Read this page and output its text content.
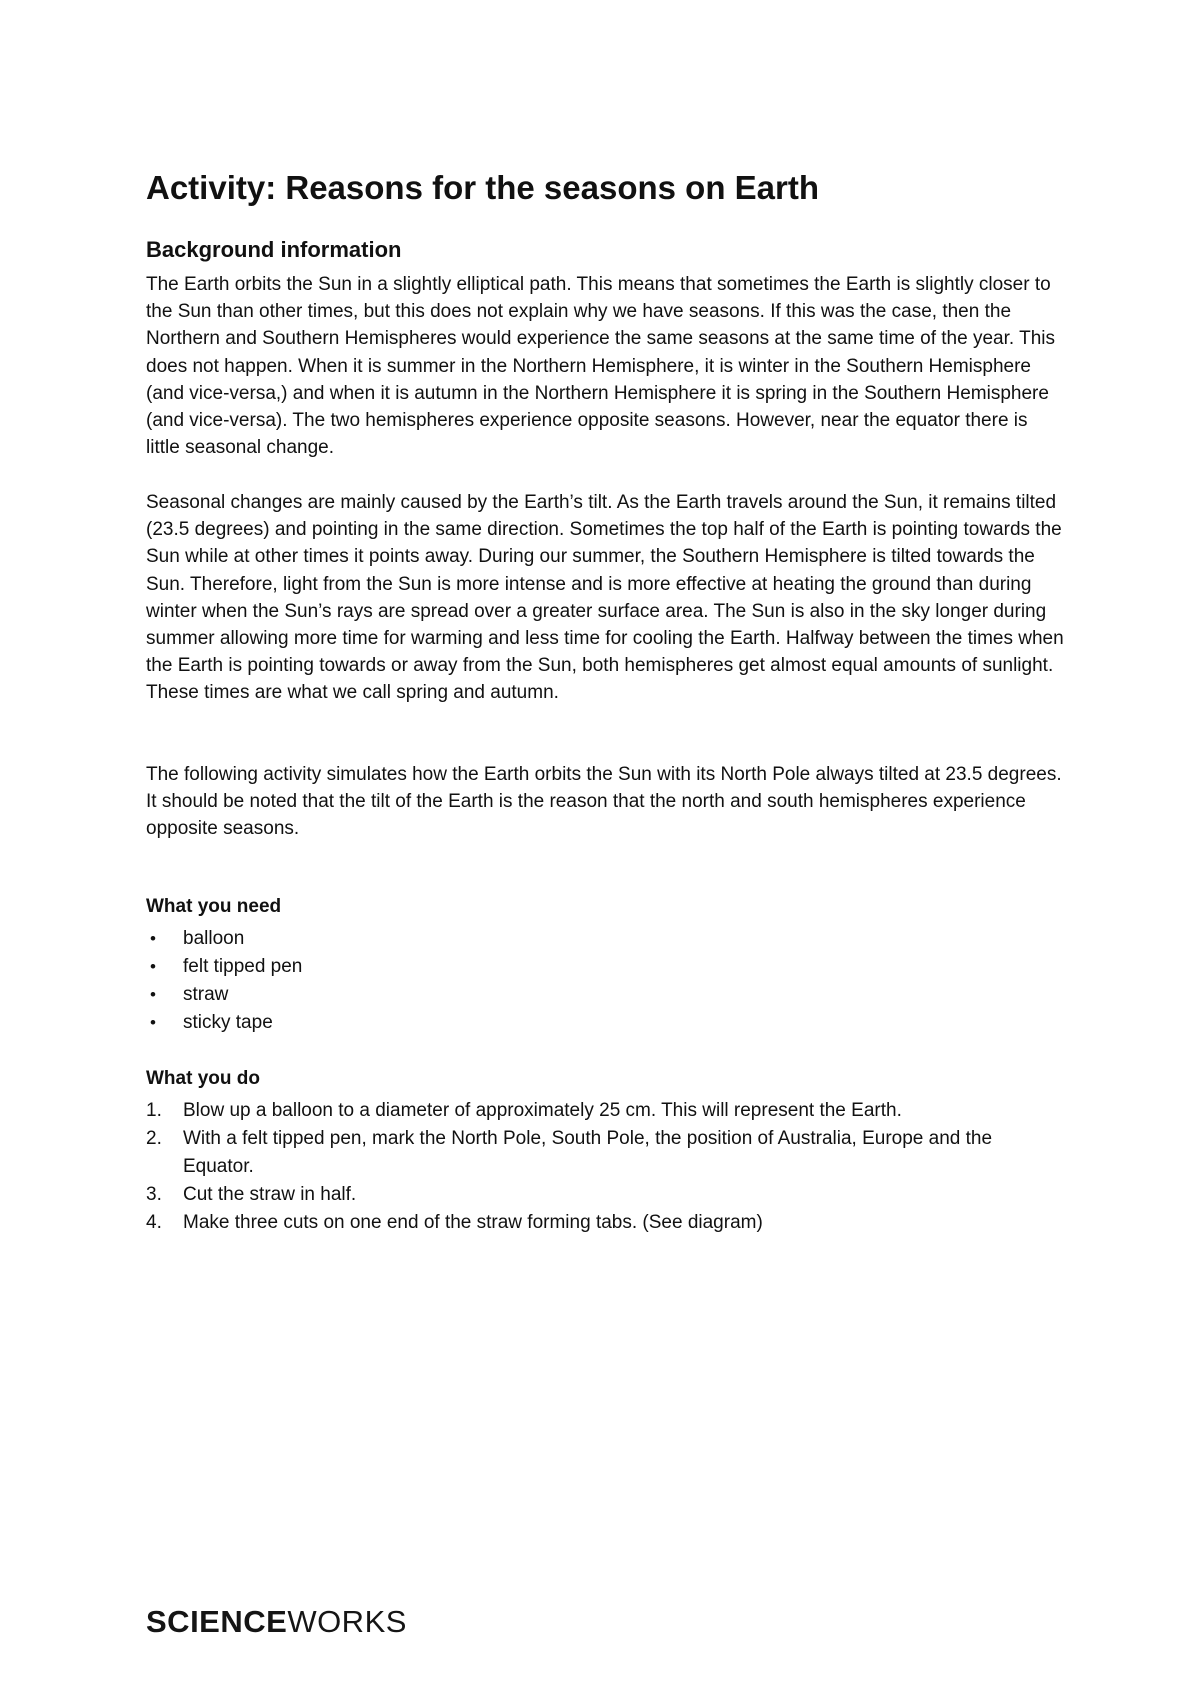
Activity: Reasons for the seasons on Earth
Background information

The Earth orbits the Sun in a slightly elliptical path. This means that sometimes the Earth is slightly closer to the Sun than other times, but this does not explain why we have seasons. If this was the case, then the Northern and Southern Hemispheres would experience the same seasons at the same time of the year. This does not happen. When it is summer in the Northern Hemisphere, it is winter in the Southern Hemisphere (and vice-versa,) and when it is autumn in the Northern Hemisphere it is spring in the Southern Hemisphere (and vice-versa). The two hemispheres experience opposite seasons. However, near the equator there is little seasonal change.

Seasonal changes are mainly caused by the Earth’s tilt. As the Earth travels around the Sun, it remains tilted (23.5 degrees) and pointing in the same direction. Sometimes the top half of the Earth is pointing towards the Sun while at other times it points away. During our summer, the Southern Hemisphere is tilted towards the Sun. Therefore, light from the Sun is more intense and is more effective at heating the ground than during winter when the Sun’s rays are spread over a greater surface area. The Sun is also in the sky longer during summer allowing more time for warming and less time for cooling the Earth. Halfway between the times when the Earth is pointing towards or away from the Sun, both hemispheres get almost equal amounts of sunlight. These times are what we call spring and autumn.

The following activity simulates how the Earth orbits the Sun with its North Pole always tilted at 23.5 degrees. It should be noted that the tilt of the Earth is the reason that the north and south hemispheres experience opposite seasons.

What you need
• balloon
• felt tipped pen
• straw
• sticky tape
What you do
1. Blow up a balloon to a diameter of approximately 25 cm. This will represent the Earth.
2. With a felt tipped pen, mark the North Pole, South Pole, the position of Australia, Europe and the Equator.
3. Cut the straw in half.
4. Make three cuts on one end of the straw forming tabs. (See diagram)
SCIENCEWORKS
